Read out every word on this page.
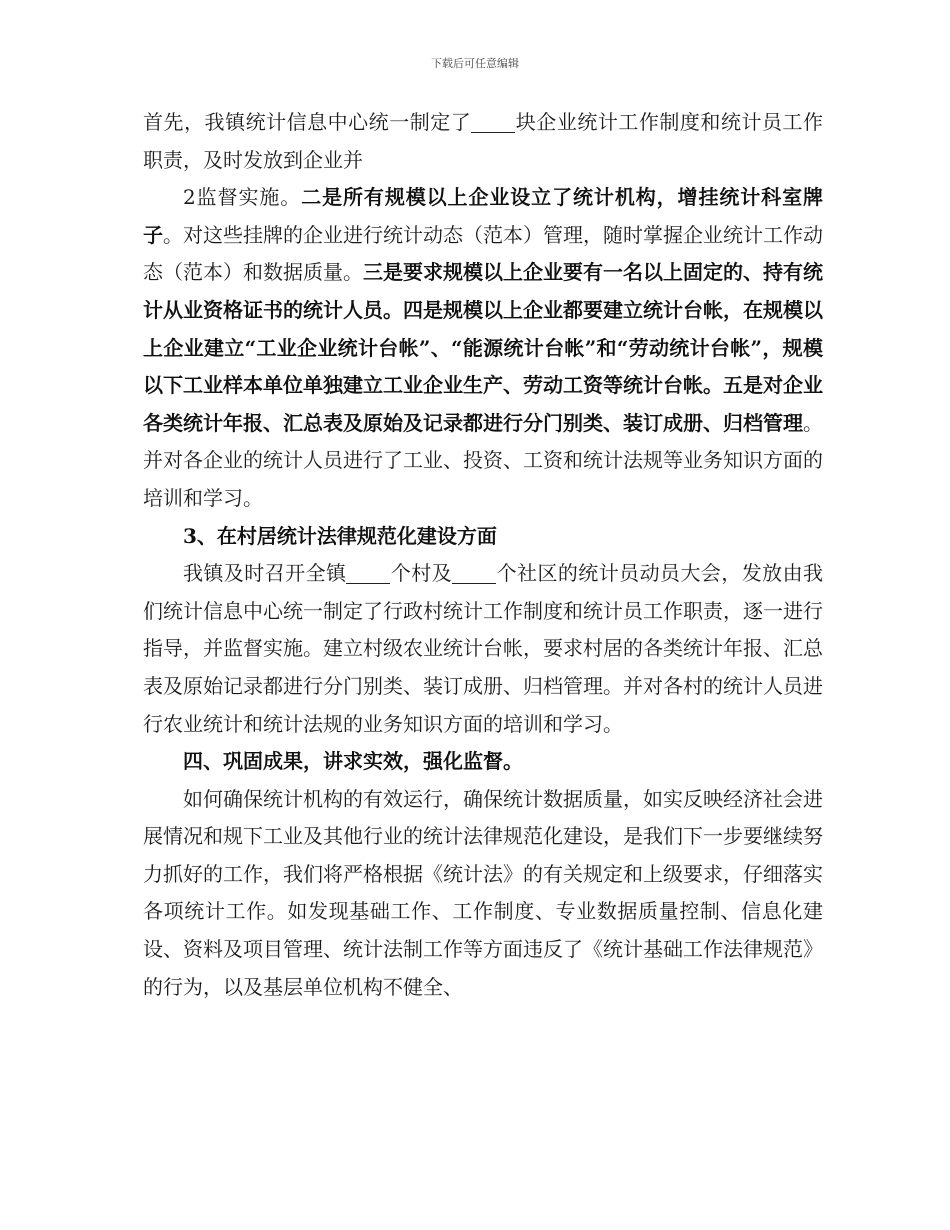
下载后可任意编辑

首先，我镇统计信息中心统一制定了 块企业统计工作制度和统计员工作职责，及时发放到企业并

2监督实施。二是所有规模以上企业设立了统计机构，增挂统计科室牌子。对这些挂牌的企业进行统计动态（范本）管理，随时掌握企业统计工作动态（范本）和数据质量。三是要求规模以上企业要有一名以上固定的、持有统计从业资格证书的统计人员。四是规模以上企业都要建立统计台帐，在规模以上企业建立“工业企业统计台帐”、“能源统计台帐”和“劳动统计台帐”，规模以下工业样本单位单独建立工业企业生产、劳动工资等统计台帐。五是对企业各类统计年报、汇总表及原始及记录都进行分门别类、装订成册、归档管理。并对各企业的统计人员进行了工业、投资、工资和统计法规等业务知识方面的培训和学习。

3、在村居统计法律规范化建设方面

我镇及时召开全镇 个村及 个社区的统计员动员大会，发放由我们统计信息中心统一制定了行政村统计工作制度和统计员工作职责，逐一进行指导，并监督实施。建立村级农业统计台帐，要求村居的各类统计年报、汇总表及原始记录都进行分门别类、装订成册、归档管理。并对各村的统计人员进行农业统计和统计法规的业务知识方面的培训和学习。

四、巩固成果，讲求实效，强化监督。

如何确保统计机构的有效运行，确保统计数据质量，如实反映经济社会进展情况和规下工业及其他行业的统计法律规范化建设，是我们下一步要继续努力抓好的工作，我们将严格根据《统计法》的有关规定和上级要求，仔细落实各项统计工作。如发现基础工作、工作制度、专业数据质量控制、信息化建设、资料及项目管理、统计法制工作等方面违反了《统计基础工作法律规范》的行为，以及基层单位机构不健全、
